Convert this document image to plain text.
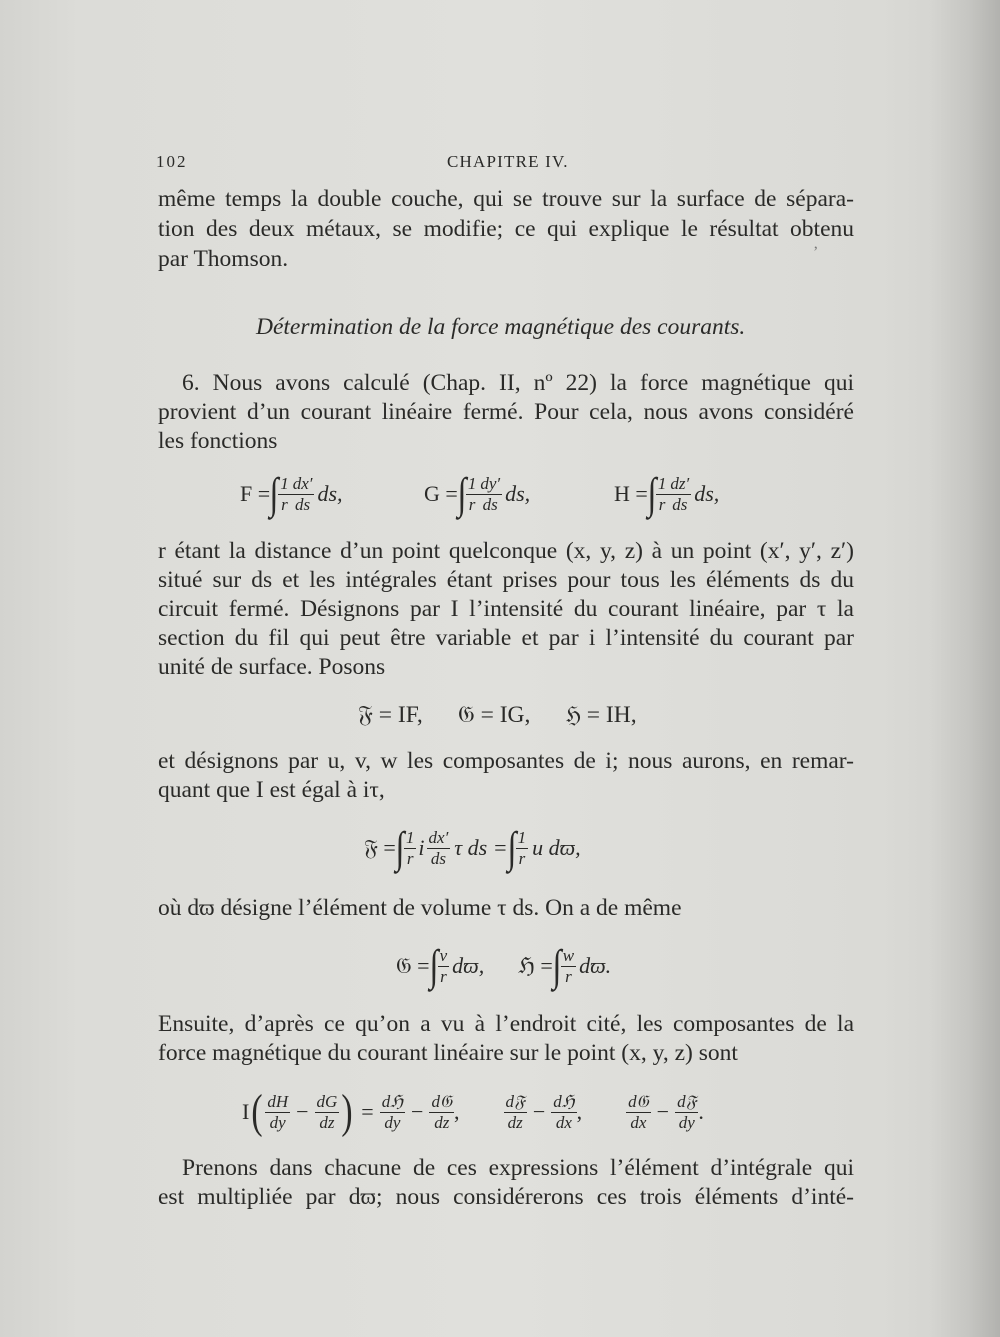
102	CHAPITRE IV.
même temps la double couche, qui se trouve sur la surface de sépara-
tion des deux métaux, se modifie; ce qui explique le résultat obtenu
par Thomson.	ʼ
Détermination de la force magnétique des courants.
6. Nous avons calculé (Chap. II, nº 22) la force magnétique qui
provient d’un courant linéaire fermé. Pour cela, nous avons considéré
les fonctions
F = ∫ $\frac{1}{r} \frac{dx'}{ds}$ ds,	G = ∫ $\frac{1}{r} \frac{dy'}{ds}$ ds,	H = ∫ $\frac{1}{r} \frac{dz'}{ds}$ ds,
r étant la distance d’un point quelconque (x, y, z) à un point (x′, y′, z′)
situé sur ds et les intégrales étant prises pour tous les éléments ds du
circuit fermé. Désignons par I l’intensité du courant linéaire, par τ la
section du fil qui peut être variable et par i l’intensité du courant par
unité de surface. Posons
𝔉 = IF,      𝔊 = IG,      ℌ = IH,
et désignons par u, v, w les composantes de i; nous aurons, en remar-
quant que I est égal à iτ,
𝔉 = ∫ $\frac{1}{r}$ i $\frac{dx'}{ds}$ τ ds = ∫ $\frac{1}{r}$ u dϖ,
où dϖ désigne l’élément de volume τ ds. On a de même
𝔊 = ∫ $\frac{v}{r} dϖ$, ℌ = ∫ $\frac{w}{r} dϖ$.
Ensuite, d’après ce qu’on a vu à l’endroit cité, les composantes de la
force magnétique du courant linéaire sur le point (x, y, z) sont
I ( $\frac{dH}{dy} - \frac{dG}{dz}$ ) = $\frac{\text{dℌ}}{dy} - \frac{\text{d𝔊}}{dz}$ ,	$\frac{\text{d𝔉}}{dz} - \frac{\text{dℌ}}{dx}$ ,	$\frac{\text{d𝔊}}{dx} - \frac{\text{d𝔉}}{dy}$ .
Prenons dans chacune de ces expressions l’élément d’intégrale qui
est multipliée par dϖ; nous considérerons ces trois éléments d’inté-
